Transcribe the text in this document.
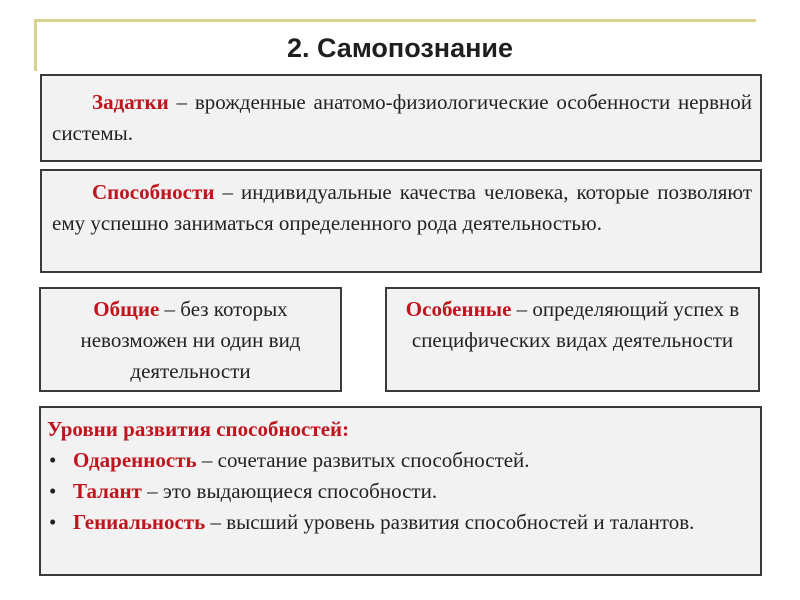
2. Самопознание
Задатки – врожденные анатомо-физиологические особенности нервной системы.
Способности – индивидуальные качества человека, которые позволяют ему успешно заниматься определенного рода деятельностью.
Общие – без которых невозможен ни один вид деятельности
Особенные – определяющий успех в специфических видах деятельности
Уровни развития способностей:
• Одаренность – сочетание развитых способностей.
• Талант – это выдающиеся способности.
• Гениальность – высший уровень развития способностей и талантов.
